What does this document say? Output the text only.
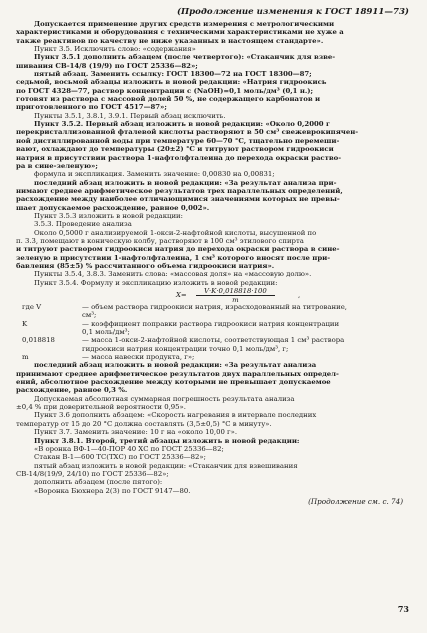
(Продолжение изменения к ГОСТ 18911—73)
Допускается применение других средств измерения с метрологическими
характеристиками и оборудования с техническими характеристиками не хуже а
также реактивов по качеству не ниже указанных в настоящем стандарте».
Пункт 3.5. Исключить слово: «содержания»
Пункт 3.5.1 дополнить абзацем (после четвертого): «Стаканчик для взве-
шивания СВ-14/8 (19/9) по ГОСТ 25336—82»;
пятый абзац. Заменить ссылку: ГОСТ 18300—72 на ГОСТ 18300—87;
седьмой, восьмой абзацы изложить в новой редакции: «Натрия гидроокись
по ГОСТ 4328—77, раствор концентрации c (NaOH)=0,1 моль/дм³ (0,1 н.);
готовят из раствора с массовой долей 50 %, не содержащего карбонатов и
приготовленного по ГОСТ 4517—87»;
Пункты 3.5.1, 3.8.1, 3.9.1. Первый абзац исключить.
Пункт 3.5.2. Первый абзац изложить в новой редакции: «Около 0,2000 г
перекристаллизованной фталевой кислоты растворяют в 50 см³ свежеврокипячен-
ной дистиллированной воды при температуре 60—70 °С, тщательно перемеши-
вают, охлаждают до температуры (20±2) °С и титруют раствором гидроокиси
натрия в присутствии раствора 1-нафтолфталеина до перехода окраски раство-
ра в сине-зеленую»;
формула и экспликация. Заменить значение: 0,00830 на 0,00831;
последний абзац изложить в новой редакции: «За результат анализа при-
нимают среднее арифметическое результатов трех параллельных определений,
расхождение между наиболее отличающимися значениями которых не превы-
шает допускаемое расхождение, равное 0,002».
Пункт 3.5.3 изложить в новой редакции:
3.5.3. Проведение анализа
Около 0,5000 г анализируемой 1-окси-2-нафтойной кислоты, высушенной по
п. 3.3, помещают в коническую колбу, растворяют в 100 см³ этилового спирта
и титруют раствором гидроокиси натрия до перехода окраски раствора в сине-
зеленую в присутствии 1-нафтолфталеина, 1 см³ которого вносят после при-
бавления (85±5) % рассчитанного объема гидроокиси натрия».
Пункты 3.5.4, 3.8.3. Заменить слова: «массовая доля» на «массовую долю».
Пункт 3.5.4. Формулу и экспликацию изложить в новой редакции:
$X= \frac{V\cdot K\cdot 0,018818\cdot 100}{m}$	,
где V	— объем раствора гидроокиси натрия, израсходованный на титрование,
см³;
K	— коэффициент поправки раствора гидроокиси натрия концентрации
0,1 моль/дм³;
0,018818	— масса 1-окси-2-нафтойной кислоты, соответствующая 1 см³ раствора
гидроокиси натрия концентрации точно 0,1 моль/дм³, г;
m	— масса навески продукта, г»;
последний абзац изложить в новой редакции: «За результат анализа
принимают среднее арифметическое результатов двух параллельных определ-
ений, абсолютное расхождение между которыми не превышает допускаемое
расхождение, равное 0,3 %.
Допускаемая абсолютная суммарная погрешность результата анализа
±0,4 % при доверительной вероятности 0,95».
Пункт 3.6 дополнить абзацем: «Скорость нагревания в интервале последних
температур от 15 до 20 °С должна составлять (3,5±0,5) °С в минуту».
Пункт 3.7. Заменить значение: 10 г на «около 10,00 г».
Пункт 3.8.1. Второй, третий абзацы изложить в новой редакции:
«В оронка ВФ-1—40-ПОР 40 ХС по ГОСТ 25336—82;
Стакан В-1—600 ТС(ТХС) по ГОСТ 25336—82»;
пятый абзац изложить в новой редакции: «Стаканчик для взвешивания
СВ-14/8(19/9, 24/10) по ГОСТ 25336—82»;
дополнить абзацем (после пятого):
«Воронка Бюхнера 2(3) по ГОСТ 9147—80.
(Продолжение см. с. 74)
73
